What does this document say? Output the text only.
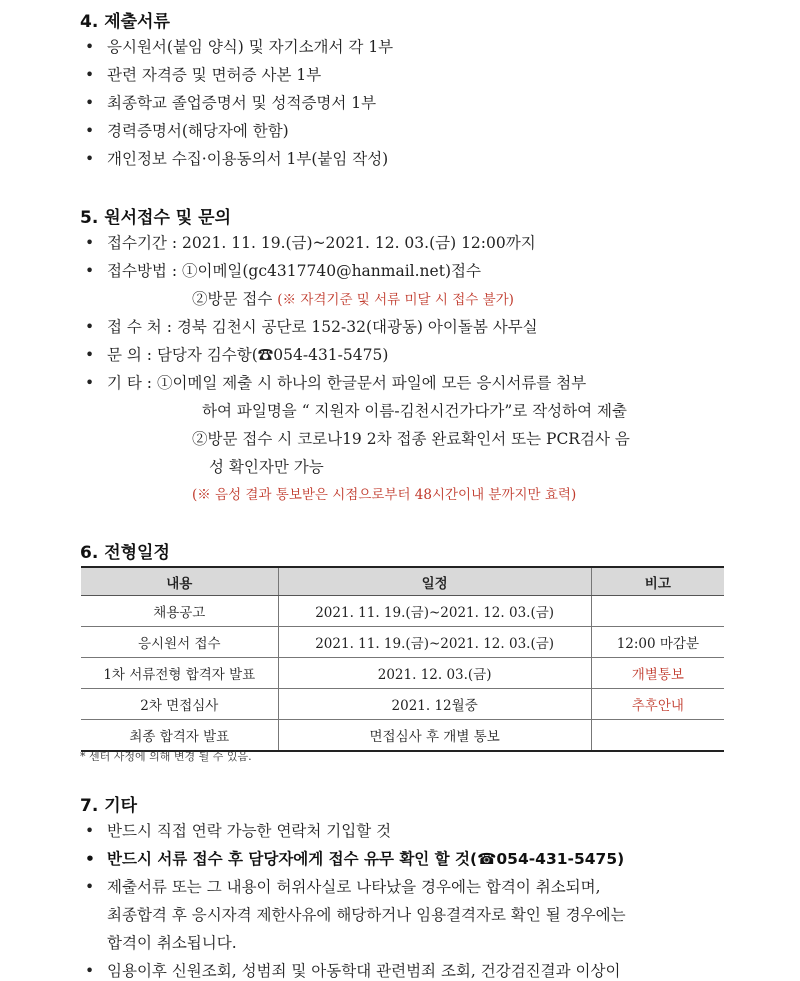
4. 제출서류
• 응시원서(붙임 양식) 및 자기소개서 각 1부
• 관련 자격증 및 면허증 사본 1부
• 최종학교 졸업증명서 및 성적증명서 1부
• 경력증명서(해당자에 한함)
• 개인정보 수집·이용동의서 1부(붙임 작성)
5. 원서접수 및 문의
• 접수기간 : 2021. 11. 19.(금)~2021. 12. 03.(금) 12:00까지
• 접수방법 : ①이메일(gc4317740@hanmail.net)접수
②방문 접수 (※ 자격기준 및 서류 미달 시 접수 불가)
• 접 수 처 : 경북 김천시 공단로 152-32(대광동) 아이돌봄 사무실
• 문 의 : 담당자 김수항(☎054-431-5475)
• 기 타 : ①이메일 제출 시 하나의 한글문서 파일에 모든 응시서류를 첨부
하여 파일명을 “ 지원자 이름-김천시건가다가”로 작성하여 제출
②방문 접수 시 코로나19 2차 접종 완료확인서 또는 PCR검사 음
성 확인자만 가능
(※ 음성 결과 통보받은 시점으로부터 48시간이내 분까지만 효력)
6. 전형일정
내용	일정	비고
채용공고	2021. 11. 19.(금)~2021. 12. 03.(금)	
응시원서 접수	2021. 11. 19.(금)~2021. 12. 03.(금)	12:00 마감분
1차 서류전형 합격자 발표	2021. 12. 03.(금)	개별통보
2차 면접심사	2021. 12월중	추후안내
최종 합격자 발표	면접심사 후 개별 통보	
* 센터 사정에 의해 변경 될 수 있음.
7. 기타
• 반드시 직접 연락 가능한 연락처 기입할 것
• 반드시 서류 접수 후 담당자에게 접수 유무 확인 할 것(☎054-431-5475)
• 제출서류 또는 그 내용이 허위사실로 나타났을 경우에는 합격이 취소되며,
최종합격 후 응시자격 제한사유에 해당하거나 임용결격자로 확인 될 경우에는
합격이 취소됩니다.
• 임용이후 신원조회, 성범죄 및 아동학대 관련범죄 조회, 건강검진결과 이상이
